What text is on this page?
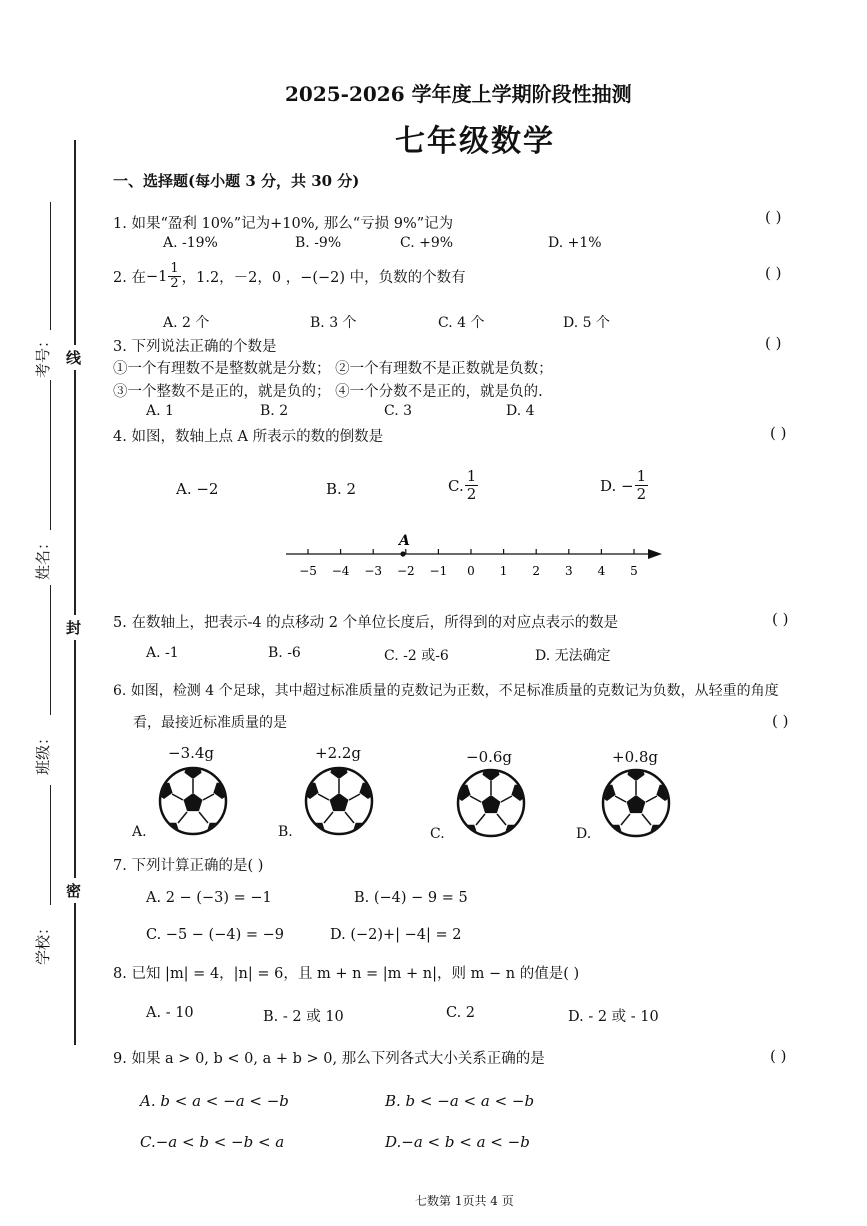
2025-2026 学年度上学期阶段性抽测
七年级数学
考号：
姓名：
班级：
学校：
线
封
密
一、选择题(每小题 3 分，共 30 分)
1. 如果“盈利 10%”记为+10%, 那么“亏损 9%”记为	( )
A. -19%	B. -9%	C. +9%	D. +1%
2. 在 $-1 \frac{1}{2}$ ，1.2，－2，0 ，−(−2) 中，负数的个数有	( )
A. 2 个	B. 3 个	C. 4 个	D. 5 个
3. 下列说法正确的个数是	( )
①一个有理数不是整数就是分数； ②一个有理数不是正数就是负数；
③一个整数不是正的，就是负的； ④一个分数不是正的，就是负的.
A. 1	B. 2	C. 3	D. 4
4. 如图，数轴上点 A 所表示的数的倒数是	( )
A. −2	B. 2	C. $\frac{1}{2}$	D. − $\frac{1}{2}$
−5 −4 −3 −2 −1 0 1 2 3 4 5
A
5. 在数轴上，把表示-4 的点移动 2 个单位长度后，所得到的对应点表示的数是	( )
A. -1	B. -6	C. -2 或-6	D. 无法确定
6. 如图，检测 4 个足球，其中超过标准质量的克数记为正数，不足标准质量的克数记为负数，从轻重的角度
看，最接近标准质量的是	( )
−3.4g	+2.2g	−0.6g	+0.8g
A.	B.	C.	D.
7. 下列计算正确的是( )
A. 2 − (−3) = −1	B. (−4) − 9 = 5
C. −5 − (−4) = −9	D. (−2)+| −4| = 2
8. 已知 |m| = 4，|n| = 6，且 m + n = |m + n|，则 m − n 的值是( )
A. - 10	B. - 2 或 10	C. 2	D. - 2 或 - 10
9. 如果 a > 0, b < 0, a + b > 0, 那么下列各式大小关系正确的是	( )
A. b < a < −a < −b	B. b < −a < a < −b
C.−a < b < −b < a	D.−a < b < a < −b
七数第 1页共 4 页
